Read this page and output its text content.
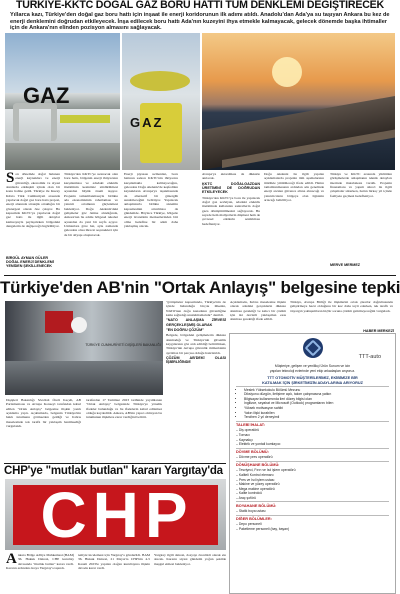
TÜRKİYE-KKTC DOĞAL GAZ BORU HATTI TÜM DENKLEMİ DEĞİŞTİRECEK
Yıllarca kazı, Türkiye'den doğal gaz boru hattı için inşaat ile enerji koridorunun ilk adımı atıldı. Anadolu'dan Ada'ya su taşıyan Ankara bu kez de enerji denklemini doğrudan etkileyecek. İnşa edilecek boru hattı Ada'nın kuzeyini ihya etmekle kalmayacak, gelecek dönemde başka ihtimaller için de Ankara'nın elinden pozisyon almasını sağlayacak.
GAZ
GAZ
Son dönemde doğal bulunan enerji kaynakları ve enerji güvenliği, ekonomik ve siyasi alanlarda etkileşim içinde olan bir konu haline geldi. Türkiye ile Kuzey Kıbrıs Türk Cumhuriyeti arasında yapılacak doğal gaz boru hattı projesi, enerji alanında stratejik ortaklığın bir göstergesi olarak öne çıkıyor. Bu kapsamda KKTC'ye yapılacak doğal gaz hattı ile ilgili detaylar kamuoyuyla paylaşılırken bölgedeki dengelerin de değişeceği öngörülüyor.
BİRGÜL AYMAN GÜLER
DOĞAL ENERJİ DENKLEMİ YENİDEN ŞEKİLLENECEK
Türkiye'den KKTC'ye uzanacak olan boru hattı, bölgenin enerji ihtiyacının karşılanması ve adadaki elektrik üretiminin kesintisiz sürdürülmesi açısından büyük önem taşıyor. Projenin tamamlanmasıyla birlikte ada ekonomisinin rahatlaması ve yatırım ortamının güçlenmesi bekleniyor. Doğu Akdeniz'deki gelişmeler göz önüne alındığında, Ankara'nın bu adımı bölgesel rekabet açısından da yeni bir sayfa açıyor. Uzmanlara göre hat, aynı zamanda gelecekte olası ihracat seçenekleri için de bir altyapı oluşturacak.
Enerji piyasası uzmanları, boru hattının sadece KKTC'nin ihtiyacını karşılamakla kalmayacağını, gelecekte Doğu Akdeniz'de keşfedilen kaynakların Avrupa'ya taşınmasında da alternatif bir güzergâh sunabileceğini belirtiyor. Yapılacak anlaşmalarla birlikte sistemin kapasitesinin artırılması da gündemde. Böylece Türkiye, bölgede enerji ticaretinin merkezlerinden biri olma hedefine bir adım daha yaklaşmış olacak.
Avrupa'ya aktarılması da dikkatle anılacak.
KKTC DOĞALGAZDAN ÜRETİMİNİ DE DOĞRUDAN ETKİLEYECEK
Türkiye'den KKTC'ye boru ile yapılacak doğal gaz sevkiyatı, adadaki elektrik üretiminde kullanılan santrallerin doğal gaza dönüştürülmesini sağlayacak. Bu sayede hem maliyetlerin düşmesi hem de çevresel etkilerin azaltılması hedefleniyor.
Doğu Akdeniz ile ilgili yapılan açıklamalarda projenin tüm aşamalarının titizlikle yürütüleceği ifade edildi. Hattın tamamlanmasının ardından ada genelinde enerji arzının güvence altına alınacağı ve yatırımcıların bölgeye olan ilgisinin artacağı belirtiliyor.
Türkiye ve KKTC arasında yürütülen görüşmelerde anlaşmanın teknik detayları üzerinde mutabakata varıldı. Projenin finansmanı ve yapım süreci ile ilgili çalışmalar sürerken, hattın birkaç yıl içinde faaliyete geçmesi hedefleniyor.
MERVE MERMEZ
Türkiye'den AB'nin "Ortak Anlayış" belgesine tepki
TÜRKİYE CUMHURİYETİ DIŞİŞLERİ BAKANLIĞI
Dışişleri Bakanlığı Sözcüsü Öncü Keçeli, AB Parlamentosu ve Avrupa Konseyi tarafından kabul edilen "Ortak Anlayış" belgesine ilişkin yazılı açıklama yaptı. Açıklamada, belgenin Türkiye'nin haklı tutumunu görmezden geldiği ve Kıbrıs meselesinde tek taraflı bir yaklaşım benimsediği vurgulandı.
tarafından 17 Temmuz 2023 tarihinde yayımlanan "Ortak Anlayış" belgesinde Türkiye'ye yönelik ifadeler bulunduğu ve bu ifadelerin kabul edilemez olduğu kaydedildi. Ankara, AB'nin yapıcı olmayan bu tutumunun ilişkilere zarar verdiğini belirtti.
"görüşmeler kapsamında, Türkiye'nin de içinde bulunduğu birçok ülkenin, NATO'nun doğu kanadının güvenliğine katkı sağladığı unutulmamalıdır" denildi.
"NATO ANLAŞMA ZİRVESİ GERÇEKLEŞMİŞ OLARAK
"EN DOĞRU ÇÖZÜM"
Belgede, bölgedeki gelişmelerin dikkate alınmadığı ve Türkiye'nin güvenlik kaygılarının göz ardı edildiği belirtilirken, Türkiye'nin Avrupa güvenlik mimarisinin ayrılmaz bir parçası olduğu hatırlatıldı.
ÇÖZÜM AB'DEKİ OLASI İŞBİRLİĞİNDE
Açıklamada, Kıbrıs meselesine ilişkin olarak adadaki gerçeklerin dikkate alınması gerektiği ve kalıcı bir çözüm için iki devletli yaklaşımın esas alınması gerektiği ifade edildi.
Türkiye, Avrupa Birliği ile ilişkilerini ortak çıkarlar doğrultusunda geliştirmeye hazır olduğunu bir kez daha teyit ederken, tek taraflı ve önyargılı yaklaşımların hiçbir soruna çözüm getirmeyeceğini vurguladı.
HABER MERKEZİ
TTT-auto
Müşteriye, gelişen ve yenilikçi Ürün Sunum ve icin
yapılan teknoloji evlerinde yeni ekip arkadaşları arıyoruz.
TTT OTOMOTİV MÜŞTERİLERİMİZ, EKİBİMİZE BİR
KATILMAK İÇİN ŞİRKETİMİZİN ADAYLARINA ARIYORUZ
• Meslek Yüksekokulu Bölümü Mezunu
• Diksiyonu düzgün, iletişime açık, takım çalışmasına yatkın
• Bilgisayar kullanımında ileri düzey bilgisi olan
• İngilizce, seyahat ve Microsoft (Outlook) programlarını bilen
• Yüksek motivasyon sahibi
• Yakın ilişki kurabilen
• Tercihen 2 yıl deneyimli
TALEBİ İHALAT:
– Diş operatörü
– Tornacı
– Kaynakçı
– Elektrik ve yontali kumlayıcı
DÖVME BÖLÜMÜ:
– Dövme pres operatörü
DÖNÜŞHANE BÖLÜMÜ:
– Tesviyeci, Fırın ve Isıl işlem operatörü
– Kaliteli Kontrol elemanı
– Pres ve Isıl işlem ustası
– Makine ve yüzey operatörü
– Mega makine operatörü
– Kalite kontrolcü
– Araç şoförü
BOYAHANE BÖLÜMÜ:
– Statik boya ustası
DİĞER BÖLÜMLER:
– Depo personeli
– Paketleme personeli (bay, bayan)
CHP'ye "mutlak butlan" kararı Yargıtay'da
CHP
Ankara Bölge Adliye Mahkemesi (BAM) 36. Hukuk Dairesi, CHP kurultay davasında "mutlak butlan" kararı verdi. Kararın ardından dosya Yargıtay'a taşındı.
temyiz incelemesi için Yargıtay'a gönderildi. BAM 36. Hukuk Dairesi, 21 Mayıs'ta CHP'nin 4-5 Kasım 2023'te yapılan olağan kurultayına ilişkin davada karar verdi.
Yargıtay ilgili dairesi, dosyayı öncelikli olarak ele alacak. Kararın siyasi gündemi yoğun şekilde meşgul etmesi bekleniyor.
